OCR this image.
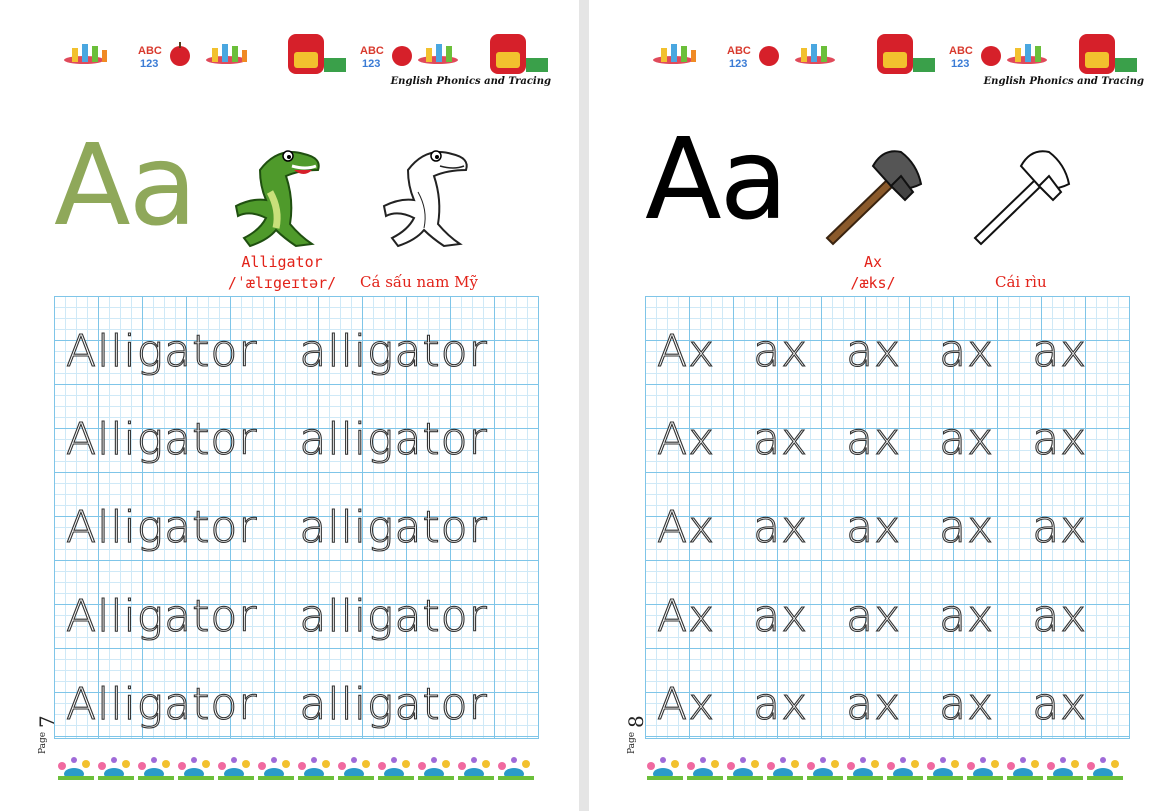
ABC
123
ABC
123
English Phonics and Tracing
Aa
Alligator
/ˈælɪgeɪtər/ Cá sấu nam Mỹ
Alligator alligator
Alligator alligator
Alligator alligator
Alligator alligator
Alligator alligator
Page
7
ABC
123
ABC
123
English Phonics and Tracing
Aa
Ax
/æks/	Cái rìu
Ax ax ax ax ax
Ax ax ax ax ax
Ax ax ax ax ax
Ax ax ax ax ax
Ax ax ax ax ax
Page
8
